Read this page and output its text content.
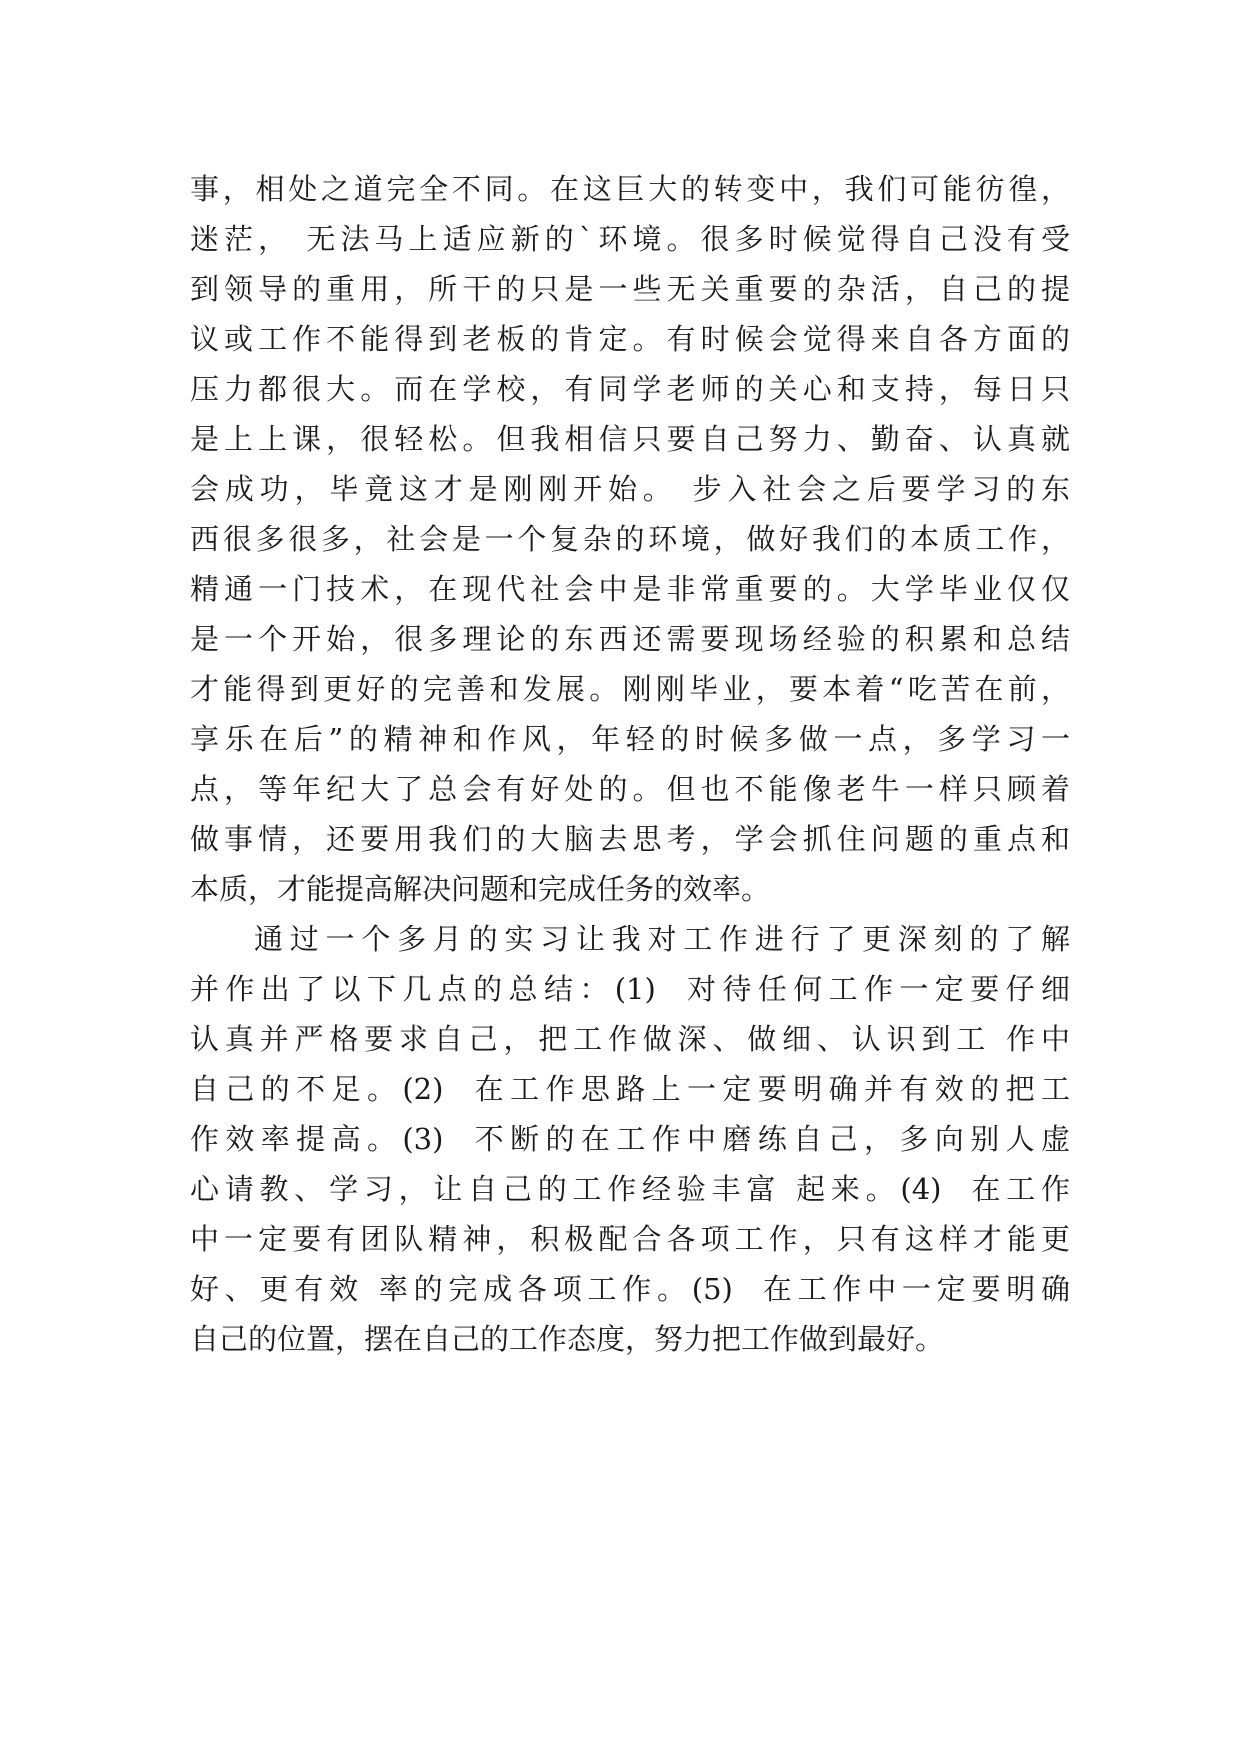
事，相处之道完全不同。在这巨大的转变中，我们可能彷徨，
迷茫， 无法马上适应新的`环境。很多时候觉得自己没有受
到领导的重用，所干的只是一些无关重要的杂活，自己的提
议或工作不能得到老板的肯定。有时候会觉得来自各方面的
压力都很大。而在学校，有同学老师的关心和支持，每日只
是上上课，很轻松。但我相信只要自己努力、勤奋、认真就
会成功，毕竟这才是刚刚开始。 步入社会之后要学习的东
西很多很多，社会是一个复杂的环境，做好我们的本质工作，
精通一门技术，在现代社会中是非常重要的。大学毕业仅仅
是一个开始，很多理论的东西还需要现场经验的积累和总结
才能得到更好的完善和发展。刚刚毕业，要本着“吃苦在前，
享乐在后”的精神和作风，年轻的时候多做一点，多学习一
点，等年纪大了总会有好处的。但也不能像老牛一样只顾着
做事情，还要用我们的大脑去思考，学会抓住问题的重点和
本质，才能提高解决问题和完成任务的效率。
通过一个多月的实习让我对工作进行了更深刻的了解
并作出了以下几点的总结：(1)  对待任何工作一定要仔细
认真并严格要求自己，把工作做深、做细、认识到工 作中
自己的不足。(2)  在工作思路上一定要明确并有效的把工
作效率提高。(3)  不断的在工作中磨练自己，多向别人虚
心请教、学习，让自己的工作经验丰富 起来。(4)  在工作
中一定要有团队精神，积极配合各项工作，只有这样才能更
好、更有效 率的完成各项工作。(5)  在工作中一定要明确
自己的位置，摆在自己的工作态度，努力把工作做到最好。
